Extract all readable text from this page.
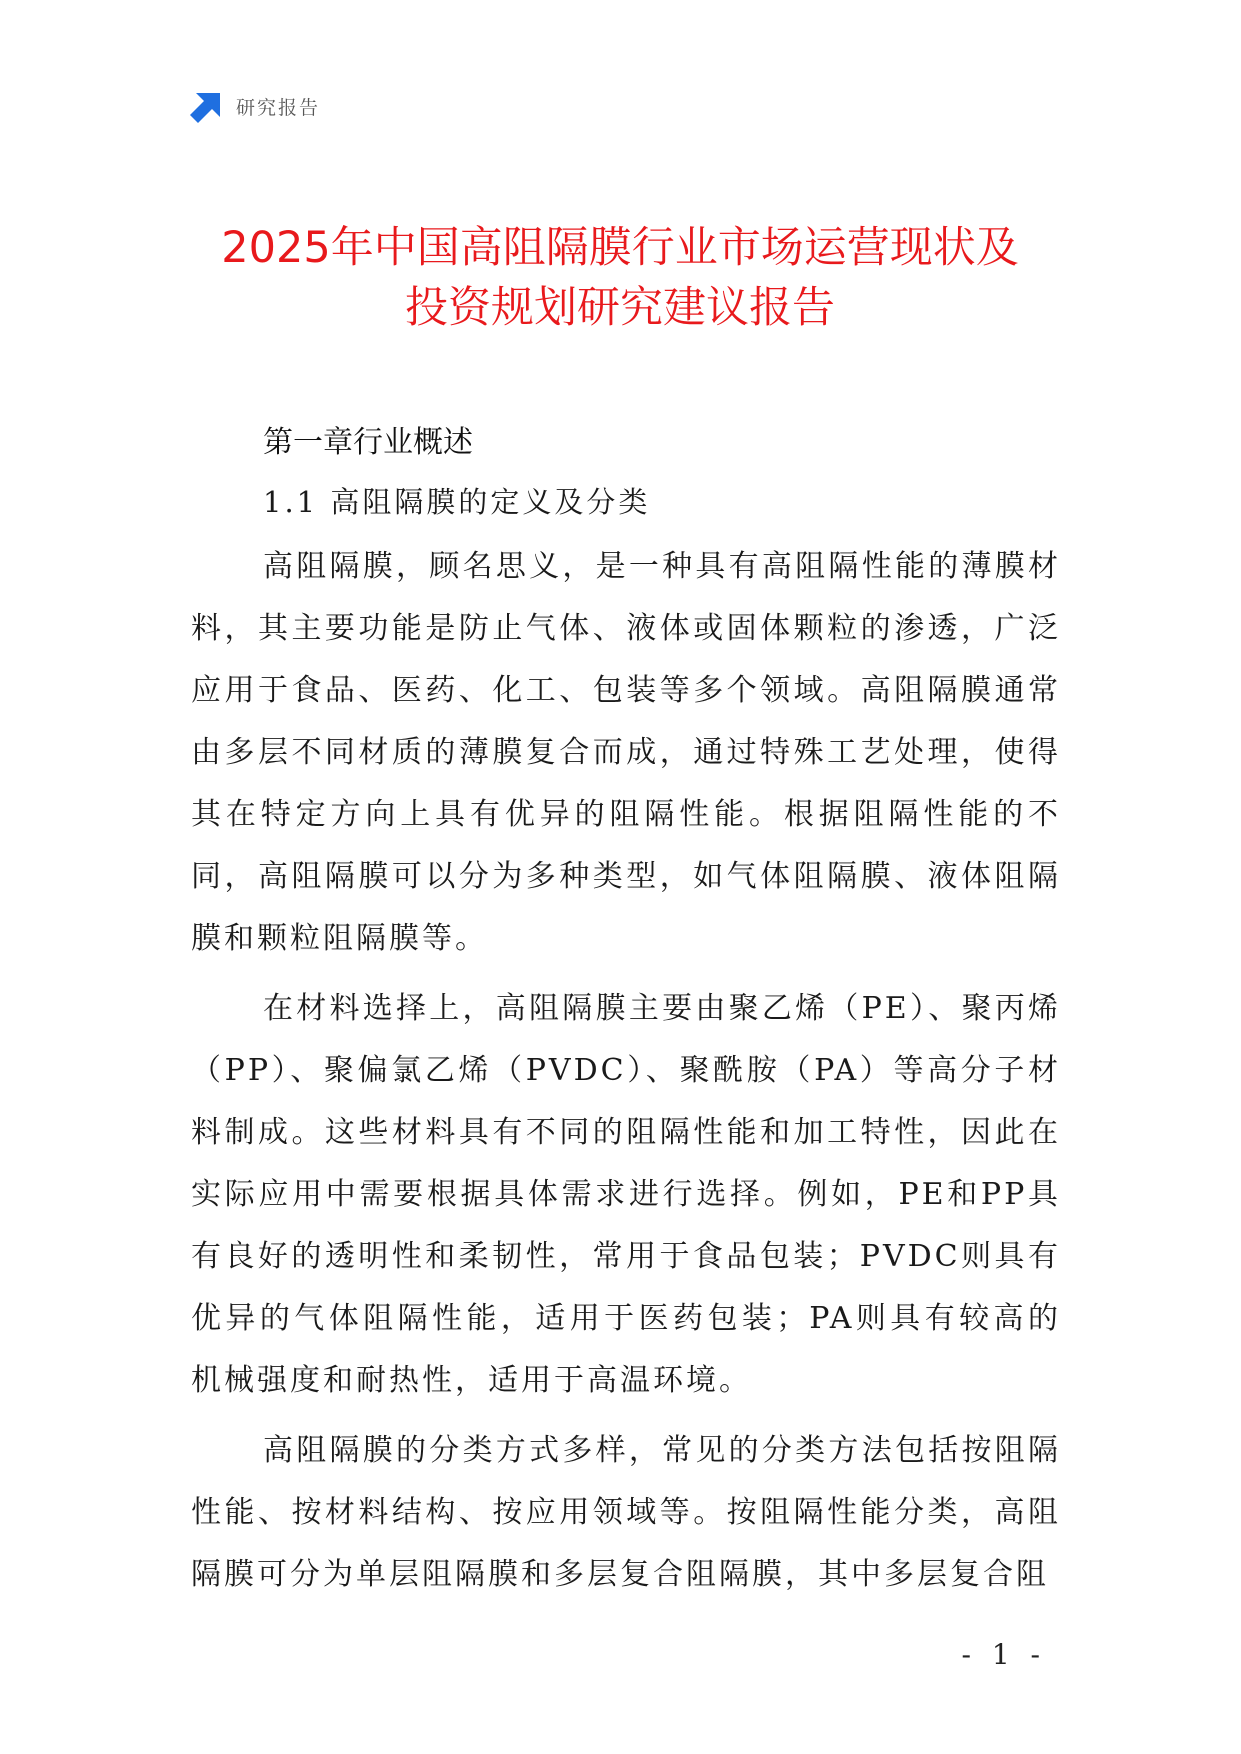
研究报告
2025年中国高阻隔膜行业市场运营现状及
投资规划研究建议报告
第一章行业概述
1.1 高阻隔膜的定义及分类

高阻隔膜，顾名思义，是一种具有高阻隔性能的薄膜材料，其主要功能是防止气体、液体或固体颗粒的渗透，广泛应用于食品、医药、化工、包装等多个领域。高阻隔膜通常由多层不同材质的薄膜复合而成，通过特殊工艺处理，使得其在特定方向上具有优异的阻隔性能。根据阻隔性能的不同，高阻隔膜可以分为多种类型，如气体阻隔膜、液体阻隔膜和颗粒阻隔膜等。

在材料选择上，高阻隔膜主要由聚乙烯（PE）、聚丙烯（PP）、聚偏氯乙烯（PVDC）、聚酰胺（PA）等高分子材料制成。这些材料具有不同的阻隔性能和加工特性，因此在实际应用中需要根据具体需求进行选择。例如，PE和PP具有良好的透明性和柔韧性，常用于食品包装；PVDC则具有优异的气体阻隔性能，适用于医药包装；PA则具有较高的机械强度和耐热性，适用于高温环境。

高阻隔膜的分类方式多样，常见的分类方法包括按阻隔性能、按材料结构、按应用领域等。按阻隔性能分类，高阻隔膜可分为单层阻隔膜和多层复合阻隔膜，其中多层复合阻

- 1 -
